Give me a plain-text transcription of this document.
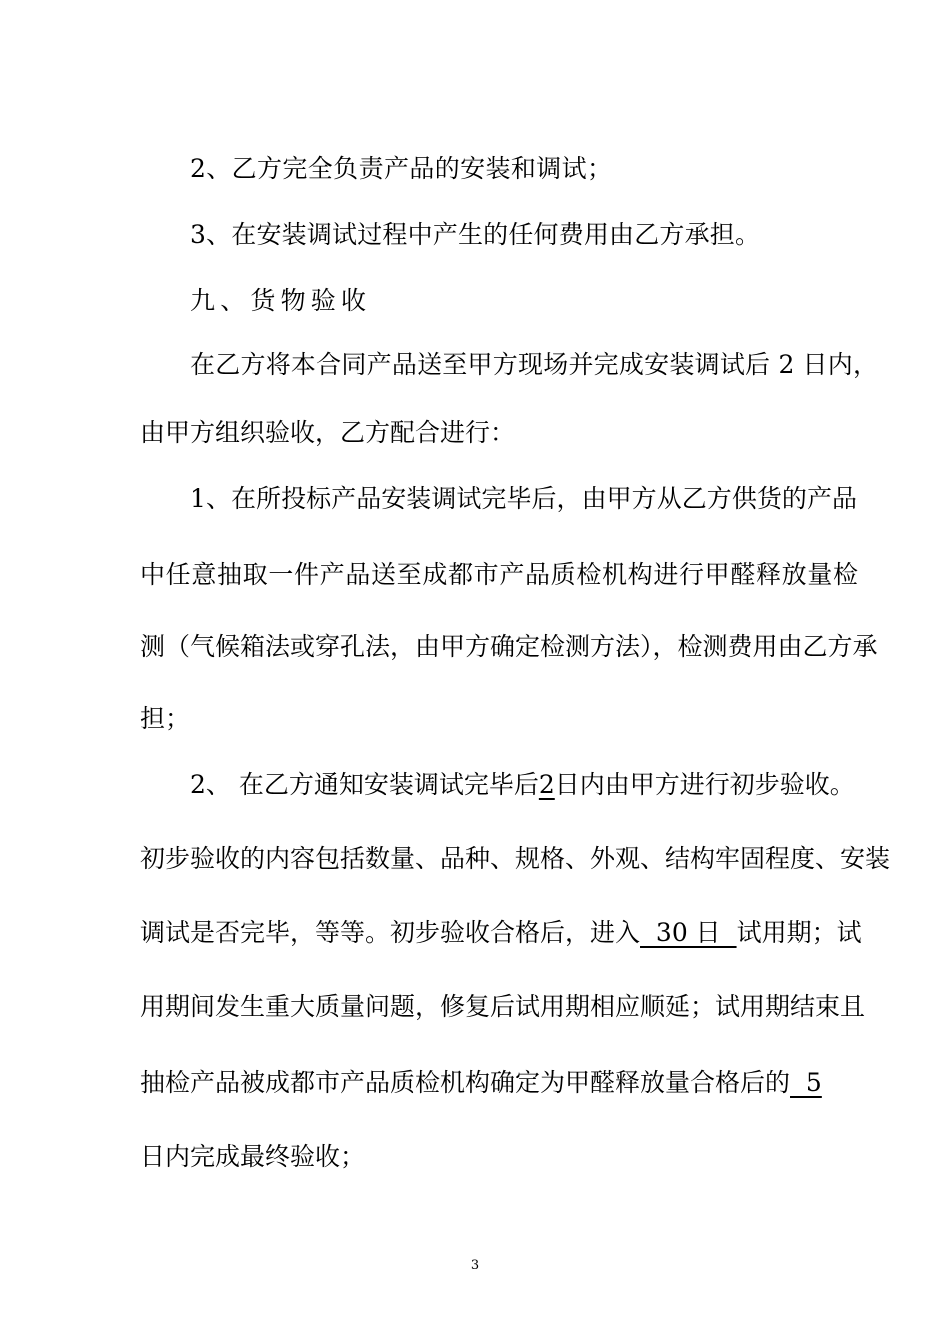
2、乙方完全负责产品的安装和调试；
3、在安装调试过程中产生的任何费用由乙方承担。
九、货物验收
在乙方将本合同产品送至甲方现场并完成安装调试后 2 日内，
由甲方组织验收，乙方配合进行：
1、在所投标产品安装调试完毕后，由甲方从乙方供货的产品
中任意抽取一件产品送至成都市产品质检机构进行甲醛释放量检
测（气候箱法或穿孔法，由甲方确定检测方法），检测费用由乙方承
担；
2、 在乙方通知安装调试完毕后2日内由甲方进行初步验收。
初步验收的内容包括数量、品种、规格、外观、结构牢固程度、安装
调试是否完毕，等等。初步验收合格后，进入  30 日  试用期；试
用期间发生重大质量问题，修复后试用期相应顺延；试用期结束且
抽检产品被成都市产品质检机构确定为甲醛释放量合格后的  5
日内完成最终验收；
3
